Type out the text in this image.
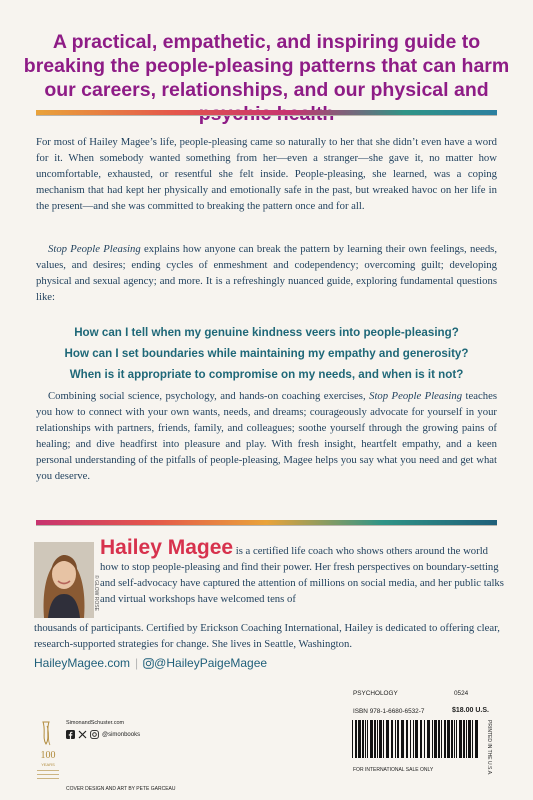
A practical, empathetic, and inspiring guide to breaking the people-pleasing patterns that can harm our careers, relationships, and our physical and

For most of Hailey Magee’s life, people-pleasing came so naturally to her that she didn’t even have a word for it. When somebody wanted something from her—even a stranger—she gave it, no matter how uncomfortable, exhausted, or resentful she felt inside. People-pleasing, she learned, was a coping mechanism that had kept her physically and emotionally safe in the past, but wreaked havoc on her life in the present—and she was committed to breaking the pattern once and for all.

Stop People Pleasing explains how anyone can break the pattern by learning their own feelings, needs, values, and desires; ending cycles of enmeshment and codependency; overcoming guilt; developing physical and sexual agency; and more. It is a refreshingly nuanced guide, exploring fundamental questions like:

How can I tell when my genuine kindness veers into people-pleasing?
How can I set boundaries while maintaining my empathy and generosity?
When is it appropriate to compromise on my needs, and when is it not?

Combining social science, psychology, and hands-on coaching exercises, Stop People Pleasing teaches you how to connect with your own wants, needs, and dreams; courageously advocate for yourself in your relationships with partners, friends, family, and colleagues; soothe yourself through the growing pains of healing; and dive headfirst into pleasure and play. With fresh insight, heartfelt empathy, and a keen personal understanding of the pitfalls of people-pleasing, Magee helps you say what you need and get what you deserve.

© GLOW ROSE

Hailey Magee is a certified life coach who shows others around the world how to stop people-pleasing and find their power. Her fresh perspectives on boundary-setting and self-advocacy have captured the attention of millions on social media, and her public talks and virtual workshops have welcomed tens of

thousands of participants. Certified by Erickson Coaching International, Hailey is dedicated to offering clear, research-supported strategies for change. She lives in Seattle, Washington.

HaileyMagee.com | @HaileyPaigeMagee
PSYCHOLOGY	0524
ISBN 978-1-6680-6532-7	$18.00 U.S.
FOR INTERNATIONAL SALE ONLY	PRINTED IN THE U.S.A.
100
YEARS
SimonandSchuster.com
@simonbooks
COVER DESIGN AND ART BY PETE GARCEAU
